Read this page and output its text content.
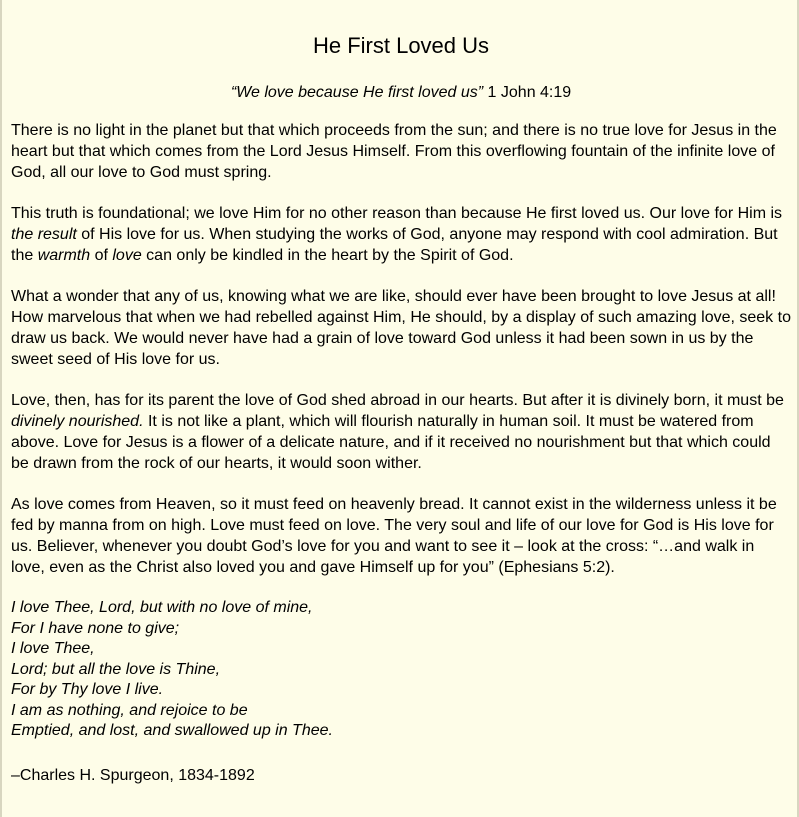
He First Loved Us
“We love because He first loved us” 1 John 4:19

There is no light in the planet but that which proceeds from the sun; and there is no true love for Jesus in the heart but that which comes from the Lord Jesus Himself. From this overflowing fountain of the infinite love of God, all our love to God must spring.

This truth is foundational; we love Him for no other reason than because He first loved us. Our love for Him is the result of His love for us. When studying the works of God, anyone may respond with cool admiration. But the warmth of love can only be kindled in the heart by the Spirit of God.

What a wonder that any of us, knowing what we are like, should ever have been brought to love Jesus at all! How marvelous that when we had rebelled against Him, He should, by a display of such amazing love, seek to draw us back. We would never have had a grain of love toward God unless it had been sown in us by the sweet seed of His love for us.

Love, then, has for its parent the love of God shed abroad in our hearts. But after it is divinely born, it must be divinely nourished. It is not like a plant, which will flourish naturally in human soil. It must be watered from above. Love for Jesus is a flower of a delicate nature, and if it received no nourishment but that which could be drawn from the rock of our hearts, it would soon wither.

As love comes from Heaven, so it must feed on heavenly bread. It cannot exist in the wilderness unless it be fed by manna from on high. Love must feed on love. The very soul and life of our love for God is His love for us. Believer, whenever you doubt God’s love for you and want to see it – look at the cross: “…and walk in love, even as the Christ also loved you and gave Himself up for you” (Ephesians 5:2).

I love Thee, Lord, but with no love of mine,
For I have none to give;
I love Thee,
Lord; but all the love is Thine,
For by Thy love I live.
I am as nothing, and rejoice to be
Emptied, and lost, and swallowed up in Thee.

–Charles H. Spurgeon, 1834-1892
